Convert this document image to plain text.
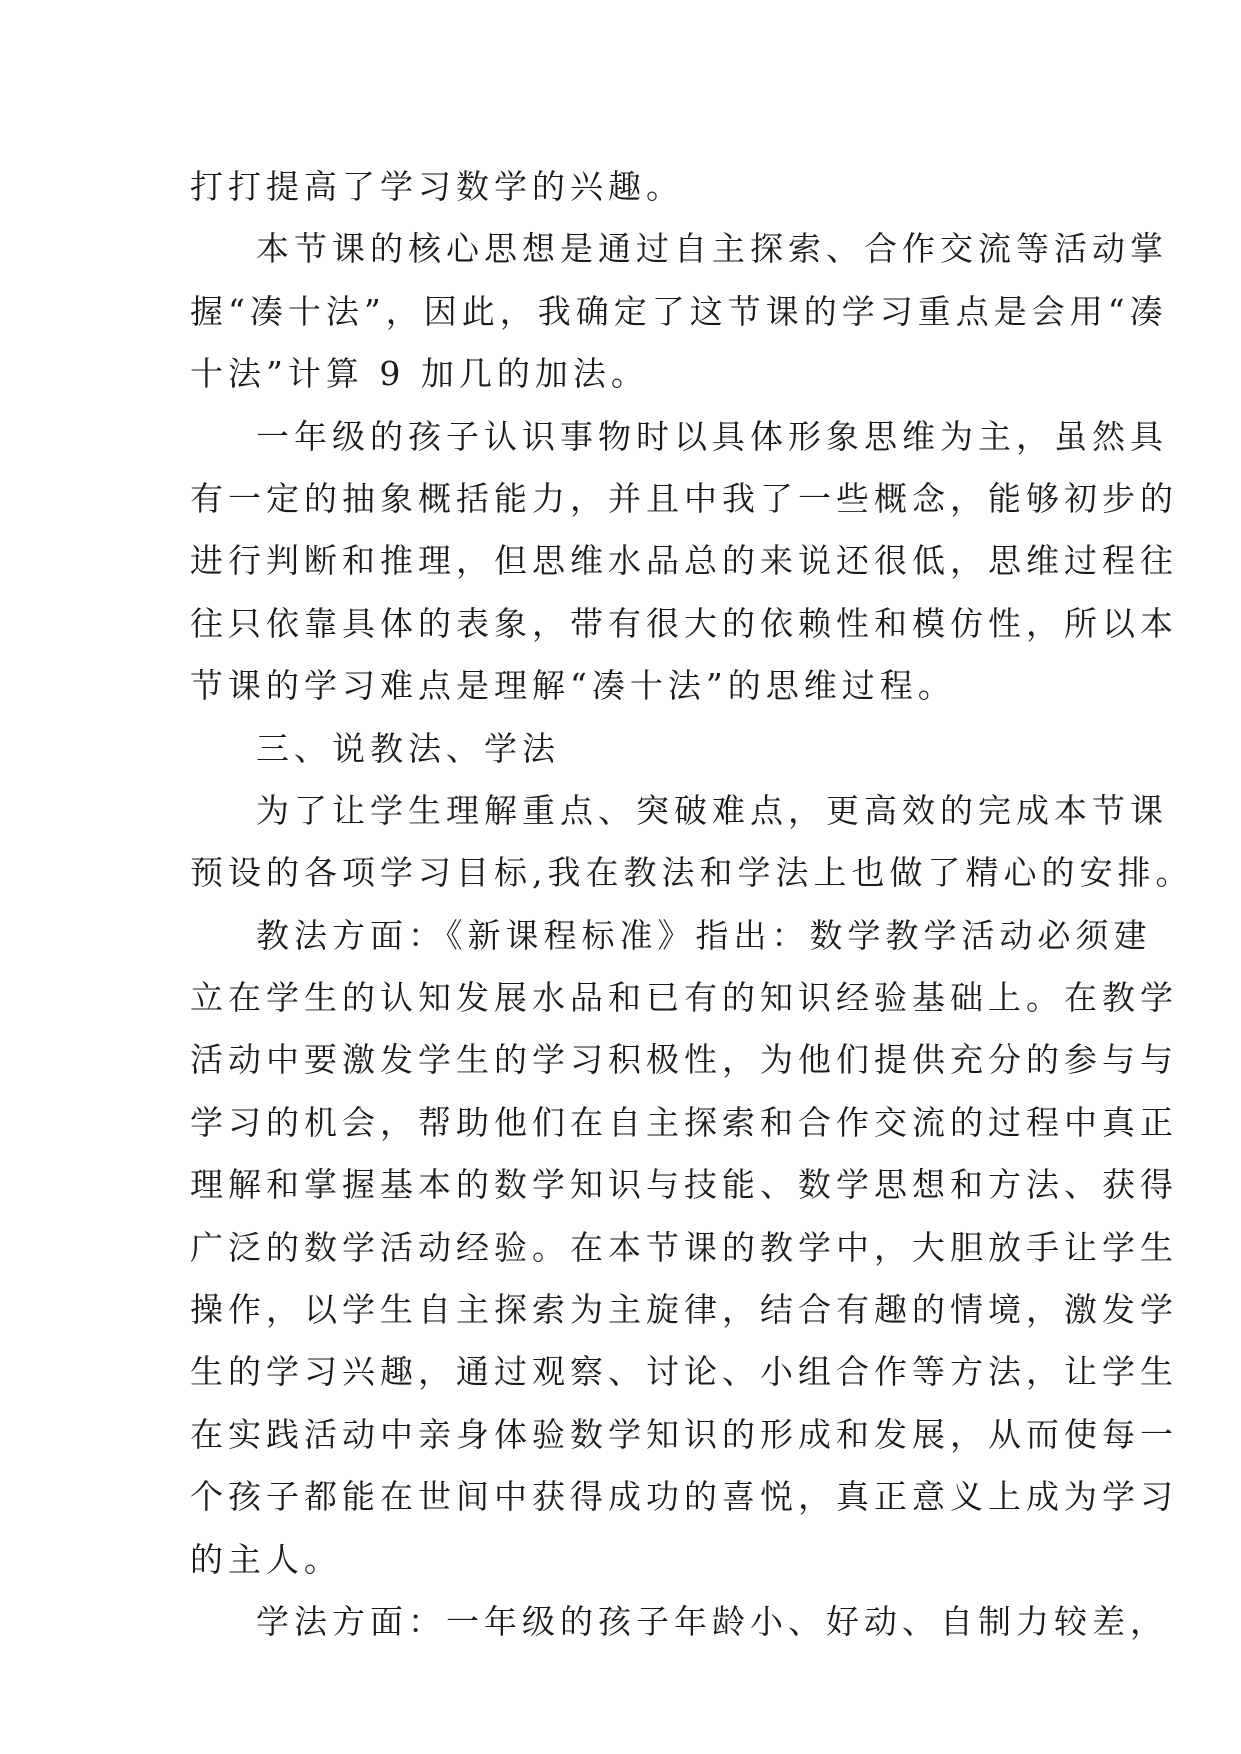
打打提高了学习数学的兴趣。
本节课的核心思想是通过自主探索、合作交流等活动掌
握“凑十法”，因此，我确定了这节课的学习重点是会用“凑
十法”计算 9 加几的加法。
一年级的孩子认识事物时以具体形象思维为主，虽然具
有一定的抽象概括能力，并且中我了一些概念，能够初步的
进行判断和推理，但思维水品总的来说还很低，思维过程往
往只依靠具体的表象，带有很大的依赖性和模仿性，所以本
节课的学习难点是理解“凑十法”的思维过程。
三、说教法、学法
为了让学生理解重点、突破难点，更高效的完成本节课
预设的各项学习目标,我在教法和学法上也做了精心的安排。
教法方面：《新课程标准》指出：数学教学活动必须建
立在学生的认知发展水品和已有的知识经验基础上。在教学
活动中要激发学生的学习积极性，为他们提供充分的参与与
学习的机会，帮助他们在自主探索和合作交流的过程中真正
理解和掌握基本的数学知识与技能、数学思想和方法、获得
广泛的数学活动经验。在本节课的教学中，大胆放手让学生
操作，以学生自主探索为主旋律，结合有趣的情境，激发学
生的学习兴趣，通过观察、讨论、小组合作等方法，让学生
在实践活动中亲身体验数学知识的形成和发展，从而使每一
个孩子都能在世间中获得成功的喜悦，真正意义上成为学习
的主人。
学法方面：一年级的孩子年龄小、好动、自制力较差，
